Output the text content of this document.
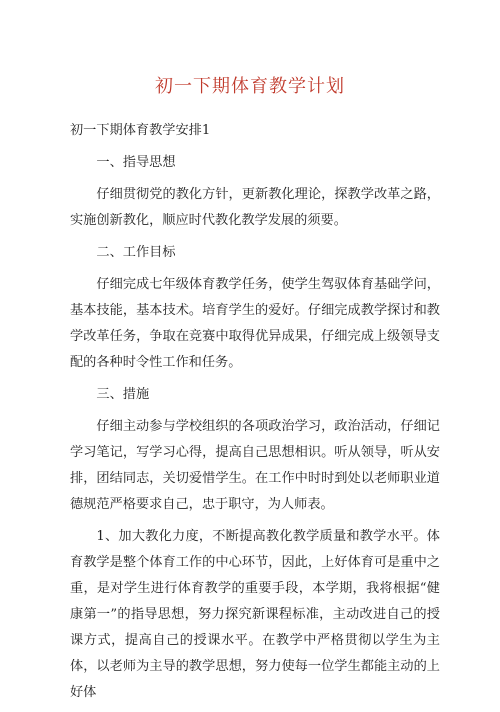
初一下期体育教学计划

初一下期体育教学安排1

一、指导思想

仔细贯彻党的教化方针，更新教化理论，探教学改革之路，实施创新教化，顺应时代教化教学发展的须要。

二、工作目标

仔细完成七年级体育教学任务，使学生驾驭体育基础学问，基本技能，基本技术。培育学生的爱好。仔细完成教学探讨和教学改革任务，争取在竞赛中取得优异成果，仔细完成上级领导支配的各种时令性工作和任务。

三、措施

仔细主动参与学校组织的各项政治学习，政治活动，仔细记学习笔记，写学习心得，提高自己思想相识。听从领导，听从安排，团结同志，关切爱惜学生。在工作中时时到处以老师职业道德规范严格要求自己，忠于职守，为人师表。

1、加大教化力度，不断提高教化教学质量和教学水平。体育教学是整个体育工作的中心环节，因此，上好体育可是重中之重，是对学生进行体育教学的重要手段，本学期，我将根据“健康第一”的指导思想，努力探究新课程标准，主动改进自己的授课方式，提高自己的授课水平。在教学中严格贯彻以学生为主体，以老师为主导的教学思想，努力使每一位学生都能主动的上好体
